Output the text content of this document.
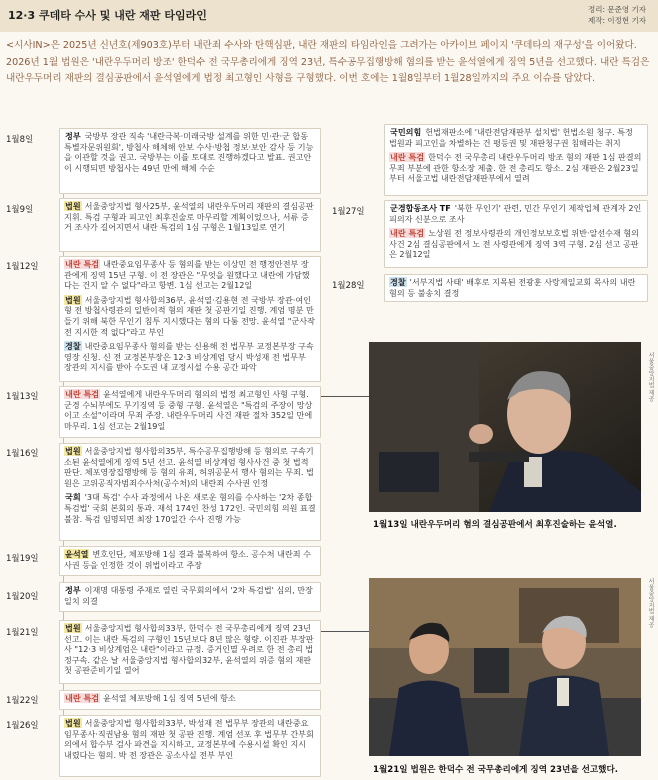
12·3 쿠데타 수사 및 내란 재판 타임라인	정리: 문준영 기자
제작: 이정현 기자
<시사IN>은 2025년 신년호(제903호)부터 내란죄 수사와 탄핵심판, 내란 재판의 타임라인을 그려가는 아카이브 페이지 '쿠데타의 재구성'을 이어왔다. 2026년 1월 법원은 '내란우두머리 방조' 한덕수 전 국무총리에게 징역 23년, 특수공무집행방해 혐의를 받는 윤석열에게 징역 5년을 선고했다. 내란 특검은 내란우두머리 재판의 결심공판에서 윤석열에게 법정 최고형인 사형을 구형했다. 이번 호에는 1월8일부터 1월28일까지의 주요 이슈를 담았다.
1월8일
1월9일
1월12일
1월13일
1월16일
1월19일
1월20일
1월21일
1월22일
1월26일
정부 국방부 장관 직속 '내란극복·미래국방 설계를 위한 민·관·군 합동 특별자문위원회', 방첩사 해체해 안보 수사·방첩 정보·보안 감사 등 기능을 이관할 것을 권고. 국방부는 이를 토대로 진행하겠다고 발표. 권고안이 시행되면 방첩사는 49년 만에 해체 수순
법원 서울중앙지법 형사25부, 윤석열의 내란우두머리 재판의 결심공판 지휘. 특검 구형과 피고인 최후진술로 마무리할 계획이었으나, 서류 증거 조사가 길어지면서 내란 특검의 1심 구형은 1월13일로 연기
내란 특검 내란중요임무종사 등 혐의를 받는 이상민 전 행정안전부 장관에게 징역 15년 구형. 이 전 장관은 "무엇을 원했다고 내란에 가담했다는 건지 알 수 없다"라고 항변. 1심 선고는 2월12일
법원 서울중앙지법 형사합의36부, 윤석열·김용현 전 국방부 장관·여인형 전 방첩사령관의 일반이적 혐의 재판 첫 공판기일 진행. 계엄 명분 만들기 위해 북한 무인기 침투 지시했다는 혐의 다툼 전망. 윤석열 "군사작전 지시한 적 없다"라고 부인
경찰 내란중요임무종사 혐의를 받는 신용해 전 법무부 교정본부장 구속영장 신청. 신 전 교정본부장은 12·3 비상계엄 당시 박성재 전 법무부 장관의 지시를 받아 수도권 내 교정시설 수용 공간 파악
내란 특검 윤석열에게 내란우두머리 혐의의 법정 최고형인 사형 구형. 군경 수뇌부에도 무기징역 등 중형 구형. 윤석열은 "특검의 주장이 망상이고 소설"이라며 무죄 주장. 내란우두머리 사건 재판 절차 352일 만에 마무리. 1심 선고는 2월19일
법원 서울중앙지법 형사합의35부, 특수공무집행방해 등 혐의로 구속기소된 윤석열에게 징역 5년 선고. 윤석열 비상계엄 형사사건 중 첫 법적 판단. 체포영장집행방해 등 혐의 유죄, 허위공문서 행사 혐의는 무죄. 법원은 고위공직자범죄수사처(공수처)의 내란죄 수사권 인정
국회 '3대 특검' 수사 과정에서 나온 새로운 혐의를 수사하는 '2차 종합특검법' 국회 본회의 통과. 재석 174인 찬성 172인. 국민의힘 의원 표결 불참. 특검 임명되면 최장 170일간 수사 진행 가능
윤석열 변호인단, 체포방해 1심 결과 불복하여 항소. 공수처 내란죄 수사권 등을 인정한 것이 위법이라고 주장
정부 이재명 대통령 주재로 열린 국무회의에서 '2차 특검법' 심의, 만장일치 의결
법원 서울중앙지법 형사합의33부, 한덕수 전 국무총리에게 징역 23년 선고. 이는 내란 특검의 구형인 15년보다 8년 많은 형량. 이진관 부장판사 "12·3 비상계엄은 내란"이라고 규정. 증거인멸 우려로 한 전 총리 법정구속. 같은 날 서울중앙지법 형사합의32부, 윤석열의 위증 혐의 재판 첫 공판준비기일 열어
내란 특검 윤석열 체포방해 1심 징역 5년에 항소
법원 서울중앙지법 형사합의33부, 박성재 전 법무부 장관의 내란중요임무종사·직권남용 혐의 재판 첫 공판 진행. 계엄 선포 후 법무부 간부회의에서 합수부 검사 파견을 지시하고, 교정본부에 수용시설 확인 지시 내렸다는 혐의. 박 전 장관은 공소사실 전부 부인
1월27일
1월28일
국민의힘 헌법재판소에 '내란전담재판부 설치법' 헌법소원 청구. 특정 법원과 피고인을 차별하는 건 평등권 및 재판청구권 침해라는 취지
내란 특검 한덕수 전 국무총리 내란우두머리 방조 혐의 재판 1심 판결의 무죄 부분에 관한 항소장 제출. 한 전 총리도 항소. 2심 재판은 2월23일부터 서울고법 내란전담재판부에서 열려
군경합동조사 TF '북한 무인기' 관련, 민간 무인기 제작업체 관계자 2인 피의자 신분으로 조사
내란 특검 노상원 전 정보사령관의 개인정보보호법 위반·알선수재 혐의 사건 2심 결심공판에서 노 전 사령관에게 징역 3역 구형. 2심 선고 공판은 2월12일
경찰 '서부지법 사태' 배후로 지목된 전광훈 사랑제일교회 목사의 내란 혐의 등 불송치 결정
서울중앙지법 제공
1월13일 내란우두머리 혐의 결심공판에서 최후진술하는 윤석열.
서울중앙지법 제공
1월21일 법원은 한덕수 전 국무총리에게 징역 23년을 선고했다.
